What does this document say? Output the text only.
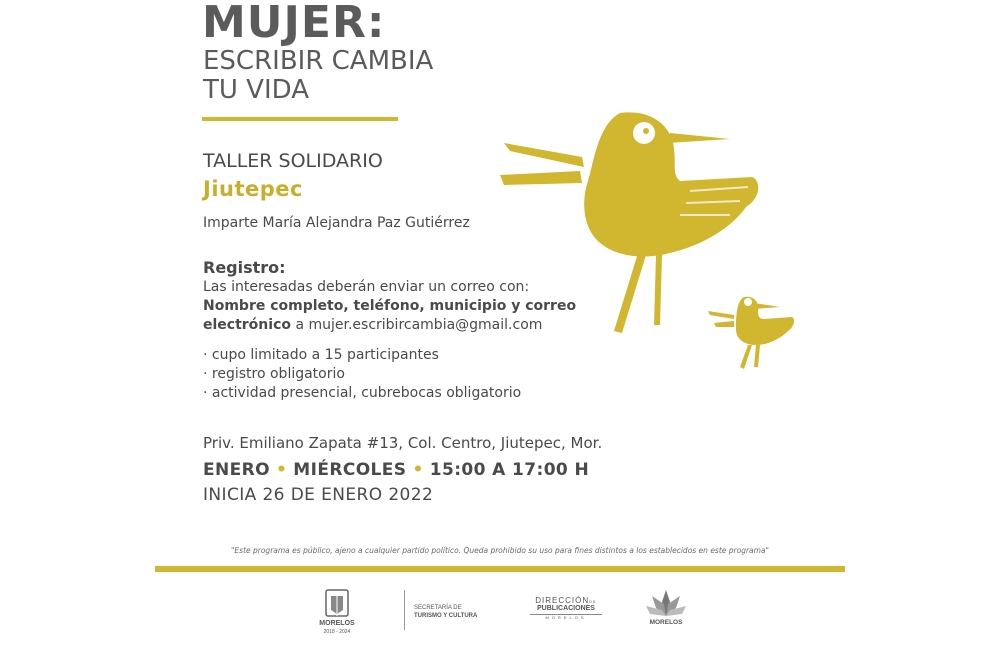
MUJER:
ESCRIBIR CAMBIA
TU VIDA
TALLER SOLIDARIO
Jiutepec
Imparte María Alejandra Paz Gutiérrez
Registro:
Las interesadas deberán enviar un correo con:
Nombre completo, teléfono, municipio y correo
electrónico a mujer.escribircambia@gmail.com
· cupo limitado a 15 participantes
· registro obligatorio
· actividad presencial, cubrebocas obligatorio
Priv. Emiliano Zapata #13, Col. Centro, Jiutepec, Mor.
ENERO • MIÉRCOLES • 15:00 A 17:00 H
INICIA 26 DE ENERO 2022
"Este programa es público, ajeno a cualquier partido político. Queda prohibido su uso para fines distintos a los establecidos en este programa"
MORELOS
2018 - 2024
SECRETARÍA DE
TURISMO Y CULTURA
DIRECCIÓNDE
PUBLICACIONES
MORELOS
MORELOS
